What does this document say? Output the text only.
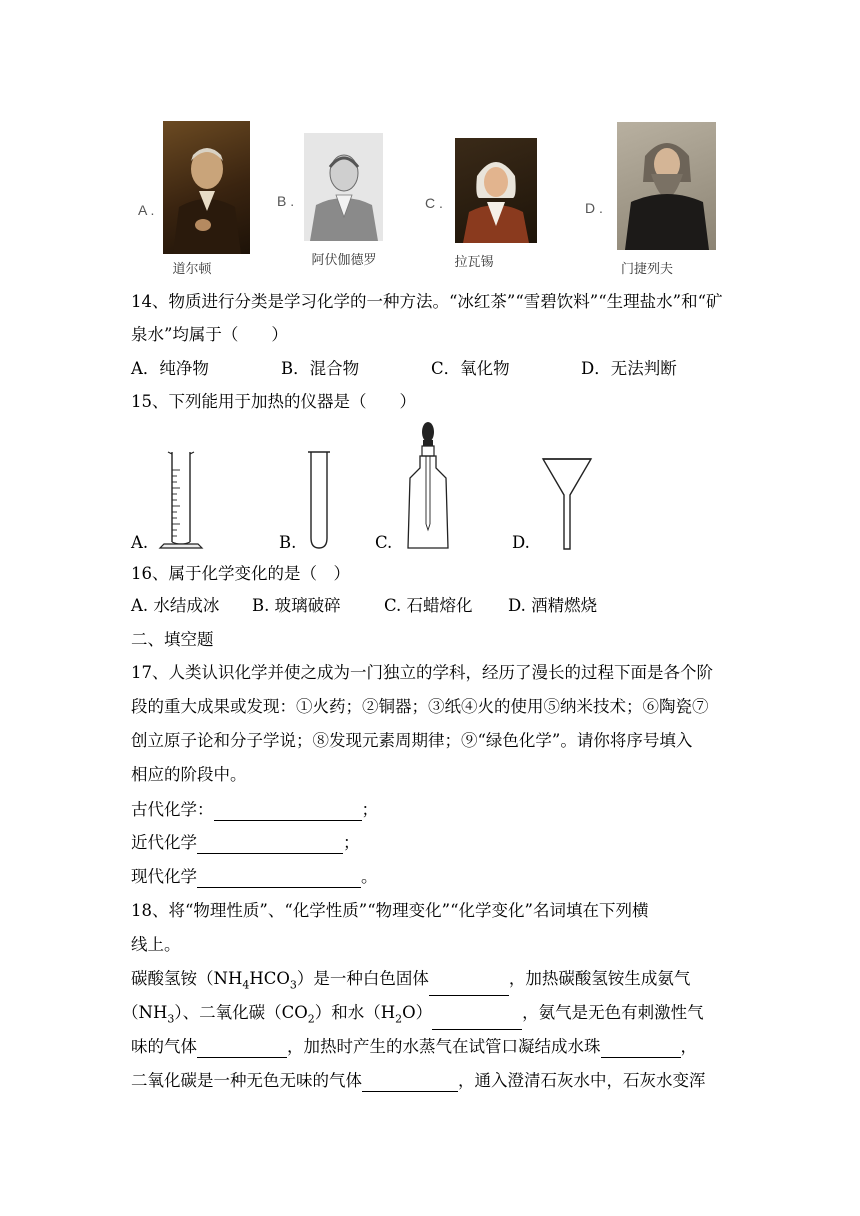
A .
道尔顿
B .
阿伏伽德罗
C .
拉瓦锡
D .
门捷列夫
14、物质进行分类是学习化学的一种方法。“冰红茶”“雪碧饮料”“生理盐水”和“矿
泉水”均属于（　　）
A．纯净物	B．混合物	C．氧化物	D．无法判断
15、下列能用于加热的仪器是（　　）
A.	B.	C.	D.
16、属于化学变化的是（　）
A. 水结成冰 B. 玻璃破碎	C. 石蜡熔化 D. 酒精燃烧
二、填空题
17、人类认识化学并使之成为一门独立的学科，经历了漫长的过程下面是各个阶
段的重大成果或发现：①火药；②铜器；③纸④火的使用⑤纳米技术；⑥陶瓷⑦
创立原子论和分子学说；⑧发现元素周期律；⑨“绿色化学”。请你将序号填入
相应的阶段中。
古代化学：	；
近代化学	；
现代化学	。
18、将“物理性质”、“化学性质”“物理变化”“化学变化”名词填在下列横
线上。
碳酸氢铵$(NH_4HCO_3)$是一种白色固体	，加热碳酸氢铵生成氨气
$(NH_3)$、二氧化碳$(CO_2)$和水$(H_2O)$	，氨气是无色有刺激性气
味的气体	，加热时产生的水蒸气在试管口凝结成水珠	，
二氧化碳是一种无色无味的气体	，通入澄清石灰水中，石灰水变浑
